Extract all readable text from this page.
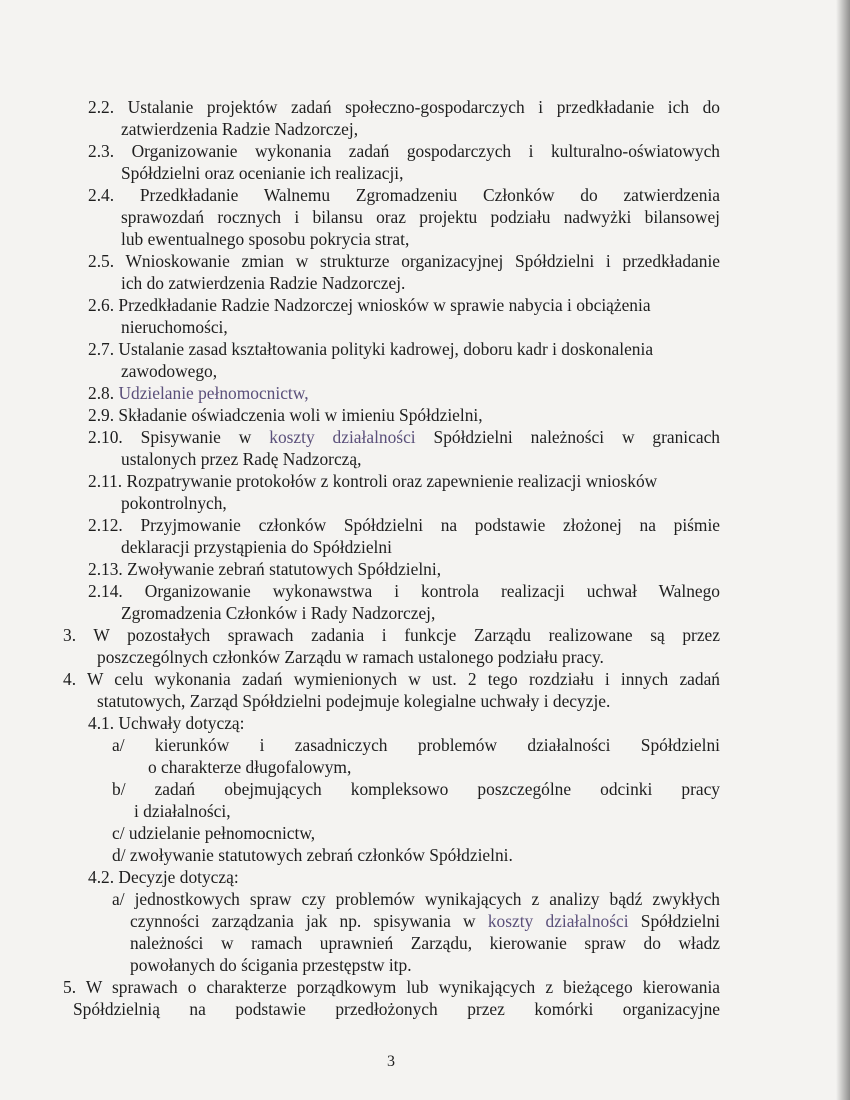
2.2. Ustalanie projektów zadań społeczno-gospodarczych i przedkładanie ich do
zatwierdzenia Radzie Nadzorczej,
2.3. Organizowanie wykonania zadań gospodarczych i kulturalno-oświatowych
Spółdzielni oraz ocenianie ich realizacji,
2.4. Przedkładanie Walnemu Zgromadzeniu Członków do zatwierdzenia
sprawozdań rocznych i bilansu oraz projektu podziału nadwyżki bilansowej
lub ewentualnego sposobu pokrycia strat,
2.5. Wnioskowanie zmian w strukturze organizacyjnej Spółdzielni i przedkładanie
ich do zatwierdzenia Radzie Nadzorczej.
2.6. Przedkładanie Radzie Nadzorczej wniosków w sprawie nabycia i obciążenia
nieruchomości,
2.7. Ustalanie zasad kształtowania polityki kadrowej, doboru kadr i doskonalenia
zawodowego,
2.8. Udzielanie pełnomocnictw,
2.9. Składanie oświadczenia woli w imieniu Spółdzielni,
2.10. Spisywanie w koszty działalności Spółdzielni należności w granicach
ustalonych przez Radę Nadzorczą,
2.11. Rozpatrywanie protokołów z kontroli oraz zapewnienie realizacji wniosków
pokontrolnych,
2.12. Przyjmowanie członków Spółdzielni na podstawie złożonej na piśmie
deklaracji przystąpienia do Spółdzielni
2.13. Zwoływanie zebrań statutowych Spółdzielni,
2.14. Organizowanie wykonawstwa i kontrola realizacji uchwał Walnego
Zgromadzenia Członków i Rady Nadzorczej,
3. W pozostałych sprawach zadania i funkcje Zarządu realizowane są przez
poszczególnych członków Zarządu w ramach ustalonego podziału pracy.
4. W celu wykonania zadań wymienionych w ust. 2 tego rozdziału i innych zadań
statutowych, Zarząd Spółdzielni podejmuje kolegialne uchwały i decyzje.
4.1. Uchwały dotyczą:
a/ kierunków i zasadniczych problemów działalności Spółdzielni
o charakterze długofalowym,
b/ zadań obejmujących kompleksowo poszczególne odcinki pracy
i działalności,
c/ udzielanie pełnomocnictw,
d/ zwoływanie statutowych zebrań członków Spółdzielni.
4.2. Decyzje dotyczą:
a/ jednostkowych spraw czy problemów wynikających z analizy bądź zwykłych
czynności zarządzania jak np. spisywania w koszty działalności Spółdzielni
należności w ramach uprawnień Zarządu, kierowanie spraw do władz
powołanych do ścigania przestępstw itp.
5. W sprawach o charakterze porządkowym lub wynikających z bieżącego kierowania
Spółdzielnią na podstawie przedłożonych przez komórki organizacyjne
3
